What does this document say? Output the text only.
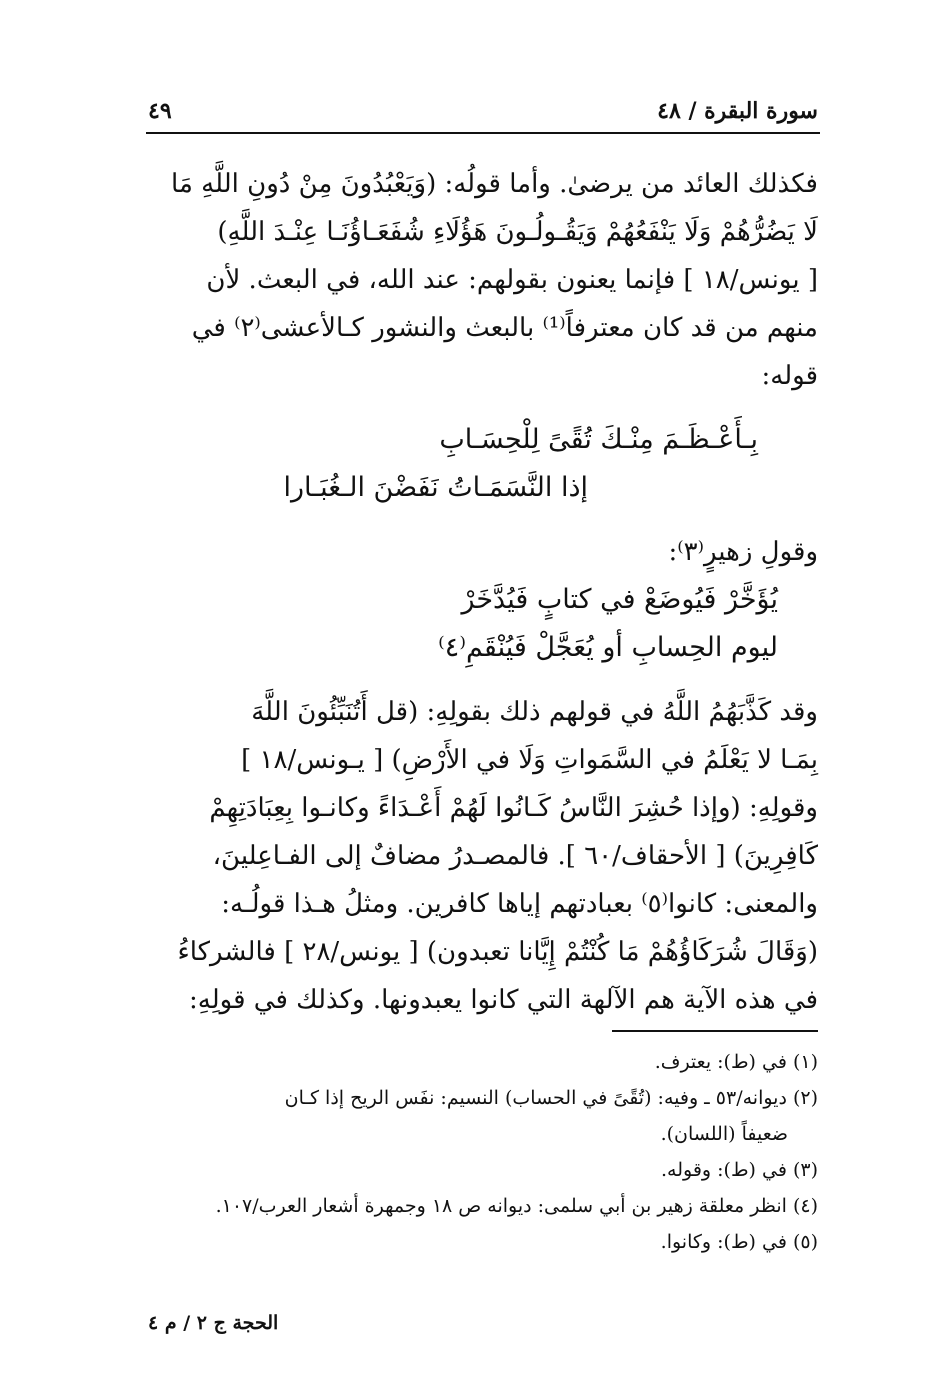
سورة البقرة / ٤٨
٤٩

فكذلك العائد من يرضىٰ. وأما قولُه: (وَيَعْبُدُونَ مِنْ دُونِ اللَّهِ مَا
لَا يَضُرُّهُمْ وَلَا يَنْفَعُهُمْ وَيَقُـولُـونَ هَؤُلَاءِ شُفَعَـاؤُنَـا عِنْـدَ اللَّهِ)
[ يونس/١٨ ] فإنما يعنون بقولهم: عند الله، في البعث. لأن
منهم من قد كان معترفاً⁽¹⁾ بالبعث والنشور كـالأعشى⁽٢⁾ في
قوله:

بِـأَعْـظَـمَ مِنْـكَ تُقًىً لِلْحِسَـابِ
إذا النَّسَمَـاتُ نَفَضْنَ الـغُبَـارا

وقولِ زهيرٍ⁽٣⁾:

يُؤَخَّرْ فَيُوضَعْ في كتابٍ فَيُدَّخَرْ
ليوم الحِسابِ أو يُعَجَّلْ فَيُنْقَمِ⁽٤⁾

وقد كَذَّبَهُمُ اللَّهُ في قولهم ذلك بقولِهِ: (قل أَتُنَبِّئُونَ اللَّهَ
بِمَـا لا يَعْلَمُ في السَّمَواتِ وَلَا في الأَرْضِ) [ يـونس/١٨ ]
وقولِهِ: (وإذا حُشِرَ النَّاسُ كَـانُوا لَهُمْ أَعْـدَاءً وكانـوا بِعِبَادَتِهِمْ
كَافِرِينَ) [ الأحقاف/٦٠ ]. فالمصـدرُ مضافٌ إلى الفـاعِلينَ،
والمعنى: كانوا⁽٥⁾ بعبادتهم إياها كافرين. ومثلُ هـذا قولُـه:
(وَقَالَ شُرَكَاؤُهُمْ مَا كُنْتُمْ إِيَّانا تعبدون) [ يونس/٢٨ ] فالشركاءُ
في هذه الآية هم الآلهة التي كانوا يعبدونها. وكذلك في قولِهِ:

(١) في (ط): يعترف.
(٢) ديوانه/٥٣ ـ وفيه: (تُقًىً في الحساب) النسيم: نفَس الريح إذا كـان
ضعيفاً (اللسان).
(٣) في (ط): وقوله.
(٤) انظر معلقة زهير بن أبي سلمى: ديوانه ص ١٨ وجمهرة أشعار العرب/١٠٧.
(٥) في (ط): وكانوا.
الحجة ج ٢ / م ٤
